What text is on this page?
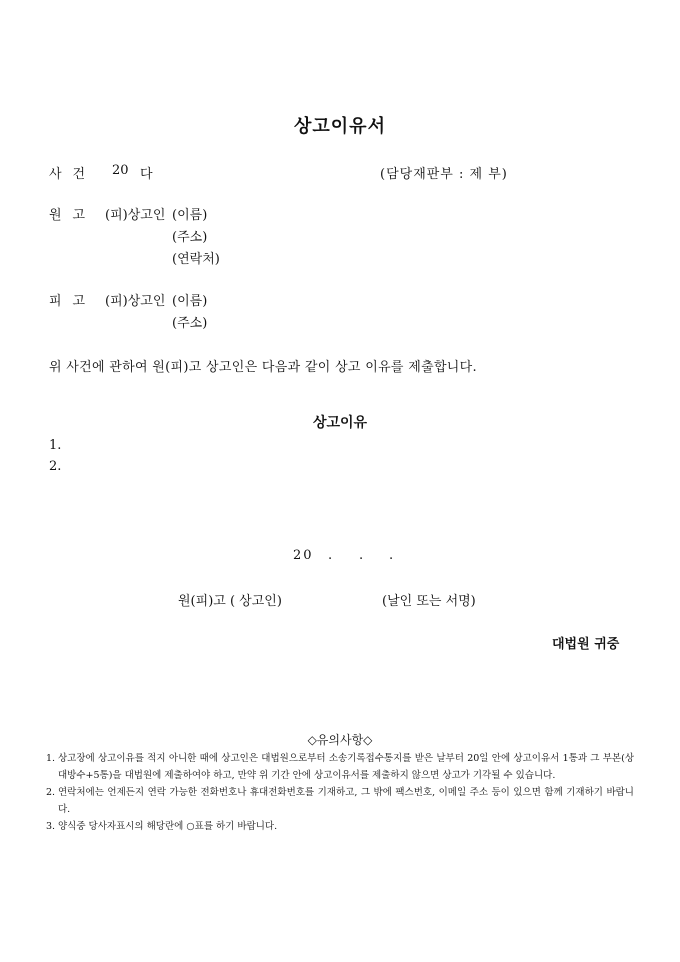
상고이유서
사건 20 다	(담당재판부 : 제 부)
원고 (피)상고인 (이름)
(주소)
(연락처)
피고 (피)상고인 (이름)
(주소)
위 사건에 관하여 원(피)고 상고인은 다음과 같이 상고 이유를 제출합니다.
상고이유
1.
2.
20 . . .
원(피)고 ( 상고인)	(날인 또는 서명)
대법원 귀중
◇유의사항◇
1. 상고장에 상고이유를 적지 아니한 때에 상고인은 대법원으로부터 소송기록접수통지를 받은 날부터 20일 안에 상고이유서 1통과 그 부본(상대방수+5통)을 대법원에 제출하여야 하고, 만약 위 기간 안에 상고이유서를 제출하지 않으면 상고가 기각될 수 있습니다.
2. 연락처에는 언제든지 연락 가능한 전화번호나 휴대전화번호를 기재하고, 그 밖에 팩스번호, 이메일 주소 등이 있으면 함께 기재하기 바랍니다.
3. 양식중 당사자표시의 해당란에 ○표를 하기 바랍니다.
